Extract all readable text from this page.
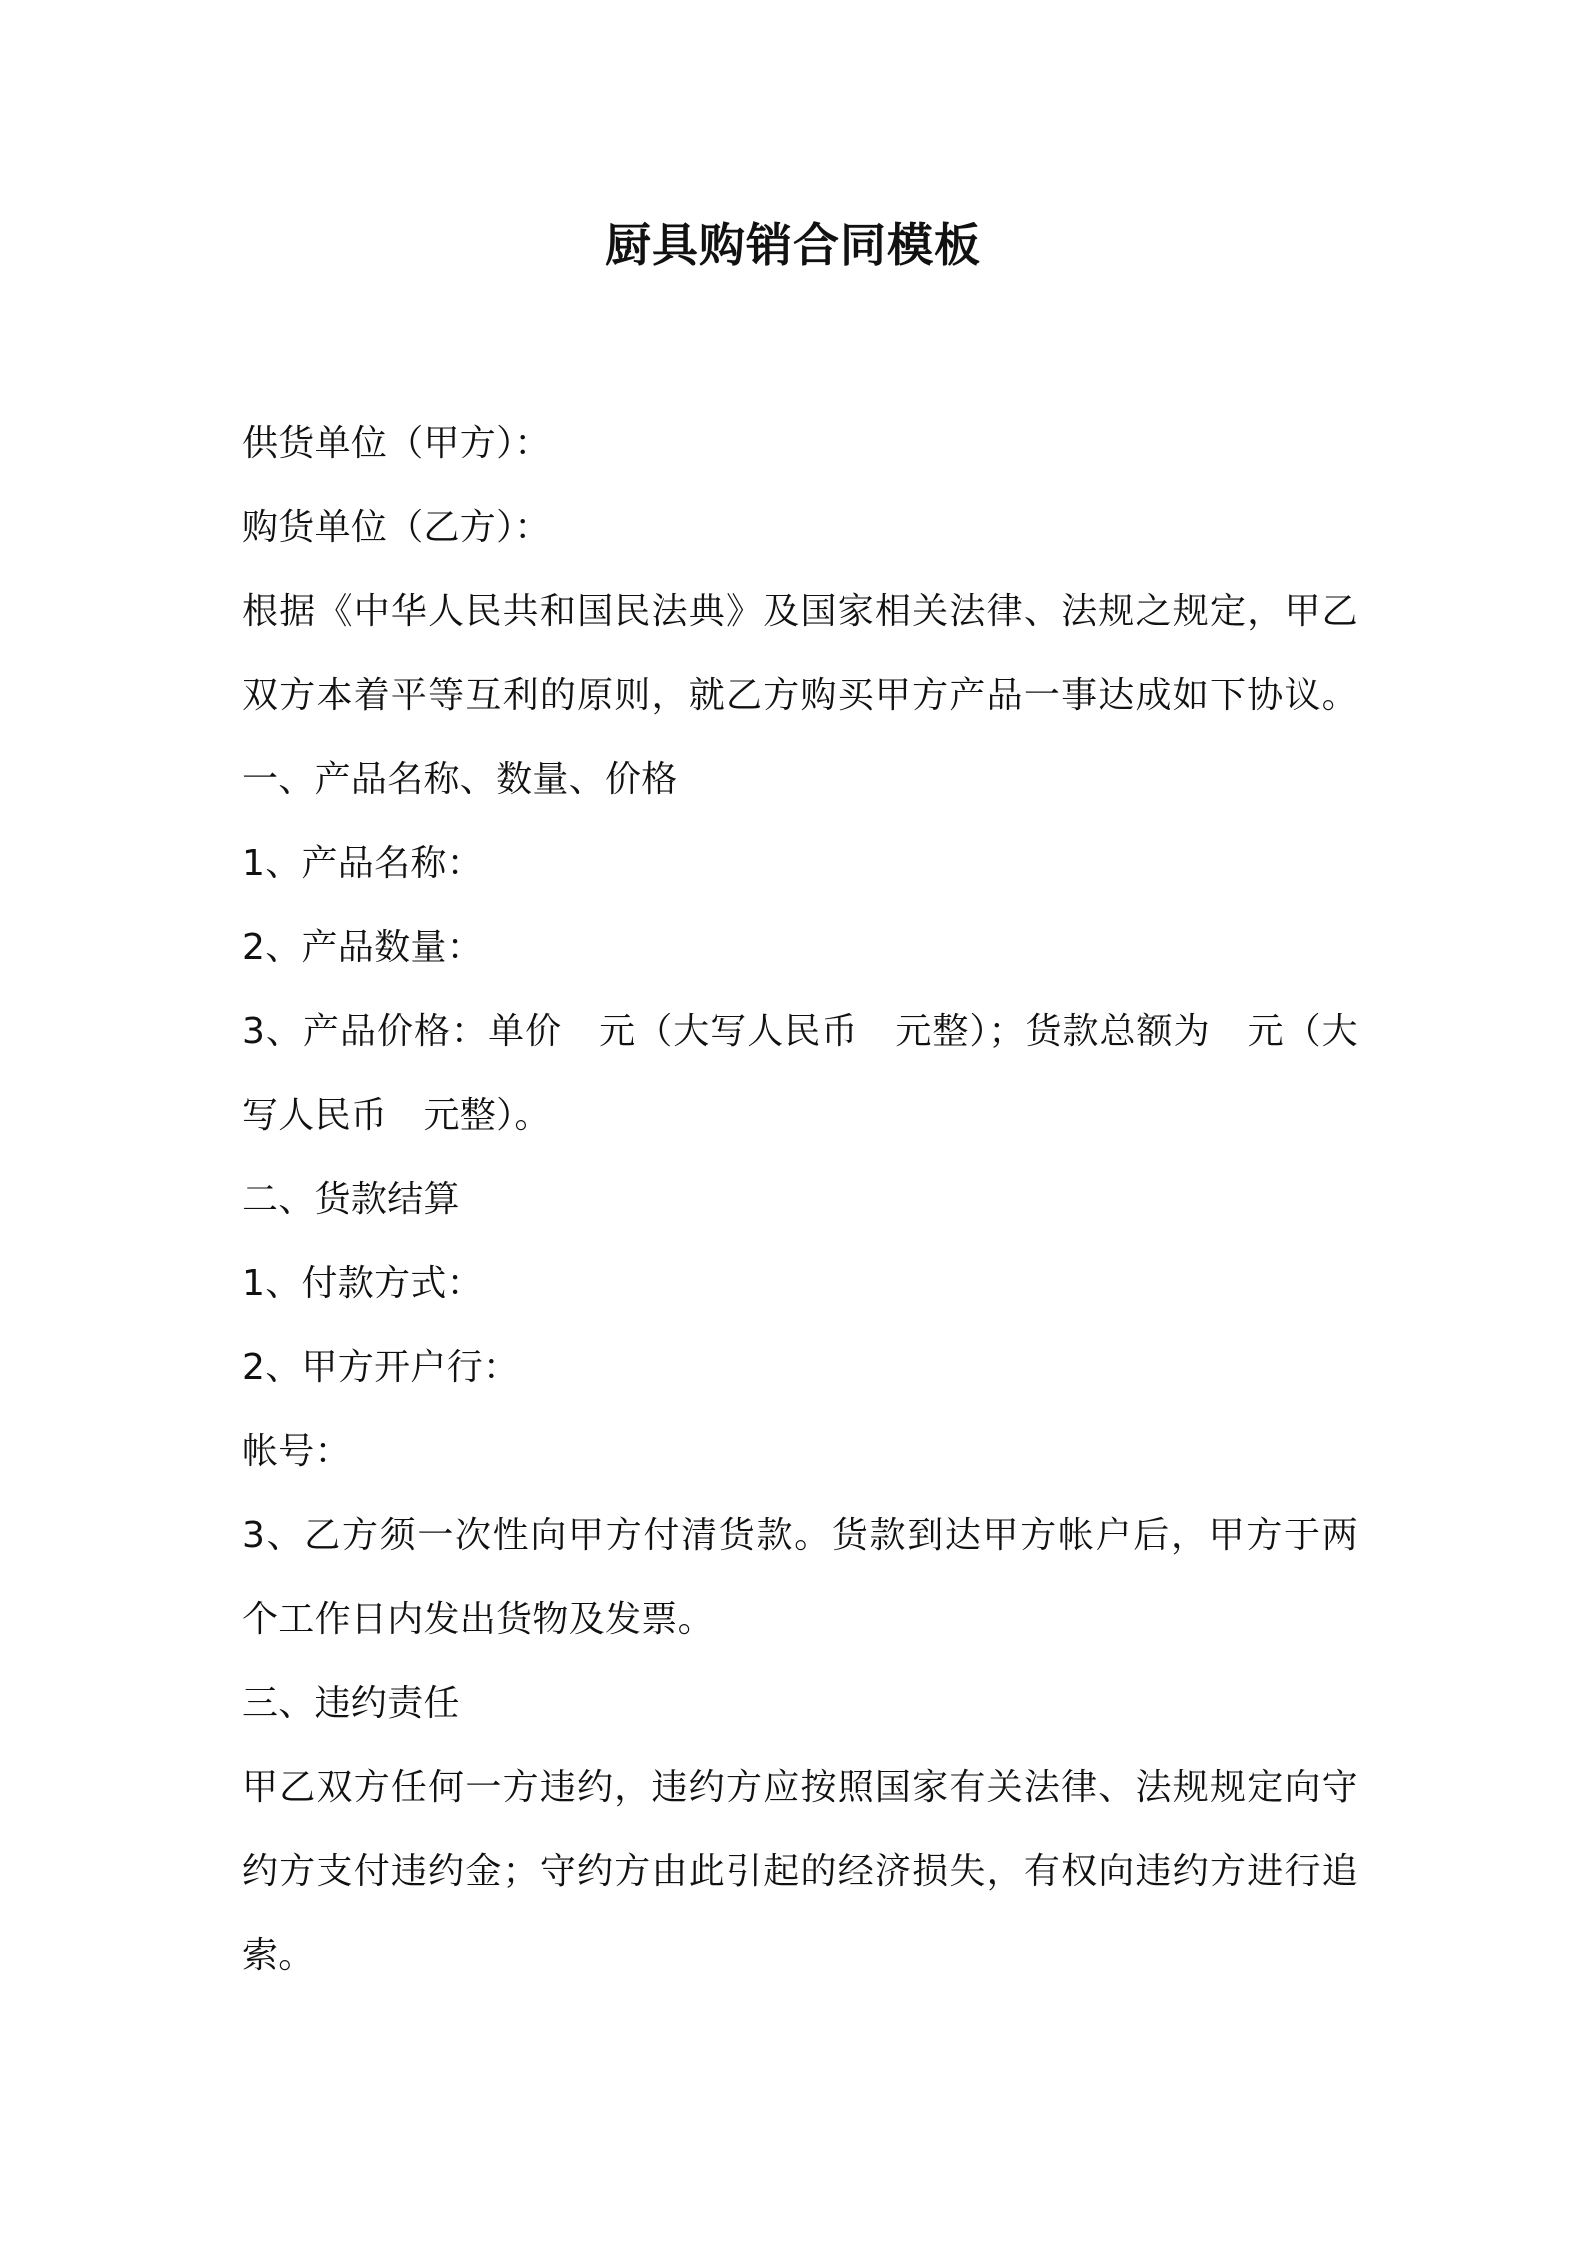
厨具购销合同模板
供货单位（甲方）：
购货单位（乙方）：
根据《中华人民共和国民法典》及国家相关法律、法规之规定，甲乙
双方本着平等互利的原则，就乙方购买甲方产品一事达成如下协议。
一、产品名称、数量、价格
1、产品名称：
2、产品数量：
3、产品价格：单价　元（大写人民币　元整）；货款总额为　元（大
写人民币　元整）。
二、货款结算
1、付款方式：
2、甲方开户行：
帐号：
3、乙方须一次性向甲方付清货款。货款到达甲方帐户后，甲方于两
个工作日内发出货物及发票。
三、违约责任
甲乙双方任何一方违约，违约方应按照国家有关法律、法规规定向守
约方支付违约金；守约方由此引起的经济损失，有权向违约方进行追
索。
